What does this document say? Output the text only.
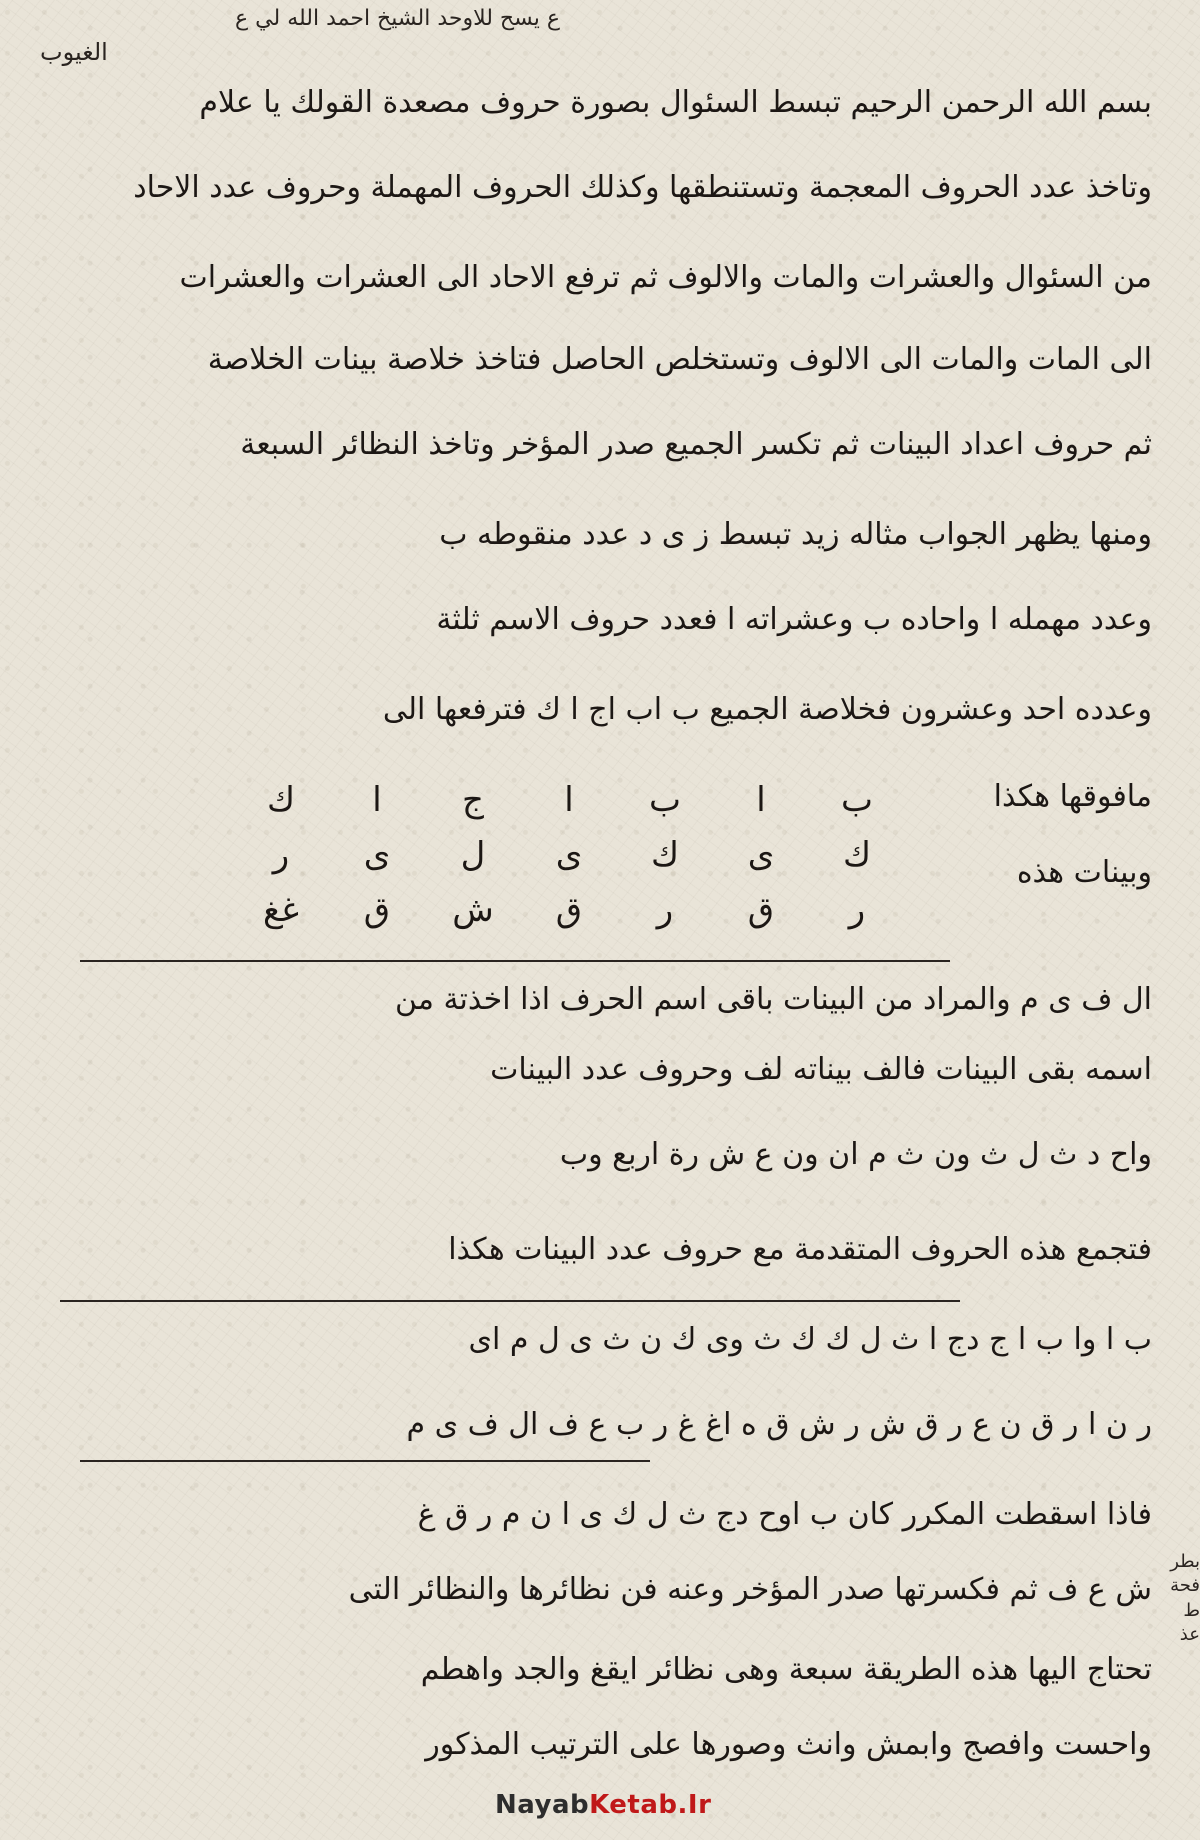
ع يسح للاوحد الشيخ احمد الله لي ع
الغيوب
بسم الله الرحمن الرحيم تبسط السئوال بصورة حروف مصعدة القولك يا علام
وتاخذ عدد الحروف المعجمة وتستنطقها وكذلك الحروف المهملة وحروف عدد الاحاد
من السئوال والعشرات والمات والالوف ثم ترفع الاحاد الى العشرات والعشرات
الى المات والمات الى الالوف وتستخلص الحاصل فتاخذ خلاصة بينات الخلاصة
ثم حروف اعداد البينات ثم تكسر الجميع صدر المؤخر وتاخذ النظائر السبعة
ومنها يظهر الجواب مثاله زيد تبسط ز ى د عدد منقوطه ب
وعدد مهمله ا واحاده ب وعشراته ا فعدد حروف الاسم ثلثة
وعدده احد وعشرون فخلاصة الجميع ب اب اج ا ك فترفعها الى
مافوقها هكذا
وبينات هذه
ب
ا
ب
ا
ج
ا
ك
ك
ى
ك
ى
ل
ى
ر
ر
ق
ر
ق
ش
ق
غغ
ال ف ى م والمراد من البينات باقى اسم الحرف اذا اخذتة من
اسمه بقى البينات فالف بيناته لف وحروف عدد البينات
واح د ث ل ث ون ث م ان ون ع ش رة اربع وب
فتجمع هذه الحروف المتقدمة مع حروف عدد البينات هكذا
ب ا وا ب ا ج دج ا ث ل ك ك ث وى ك ن ث ى ل م اى
ر ن ا ر ق ن ع ر ق ش ر ش ق ه اغ غ ر ب ع ف ال ف ى م
فاذا اسقطت المكرر كان ب اوح دج ث ل ك ى ا ن م ر ق غ
ش ع ف ثم فكسرتها صدر المؤخر وعنه فن نظائرها والنظائر التى
تحتاج اليها هذه الطريقة سبعة وهى نظائر ايقغ والجد واهطم
واحست وافصج وابمش وانث وصورها على الترتيب المذكور
بطر فحة ط عذ
NayabKetab.Ir
